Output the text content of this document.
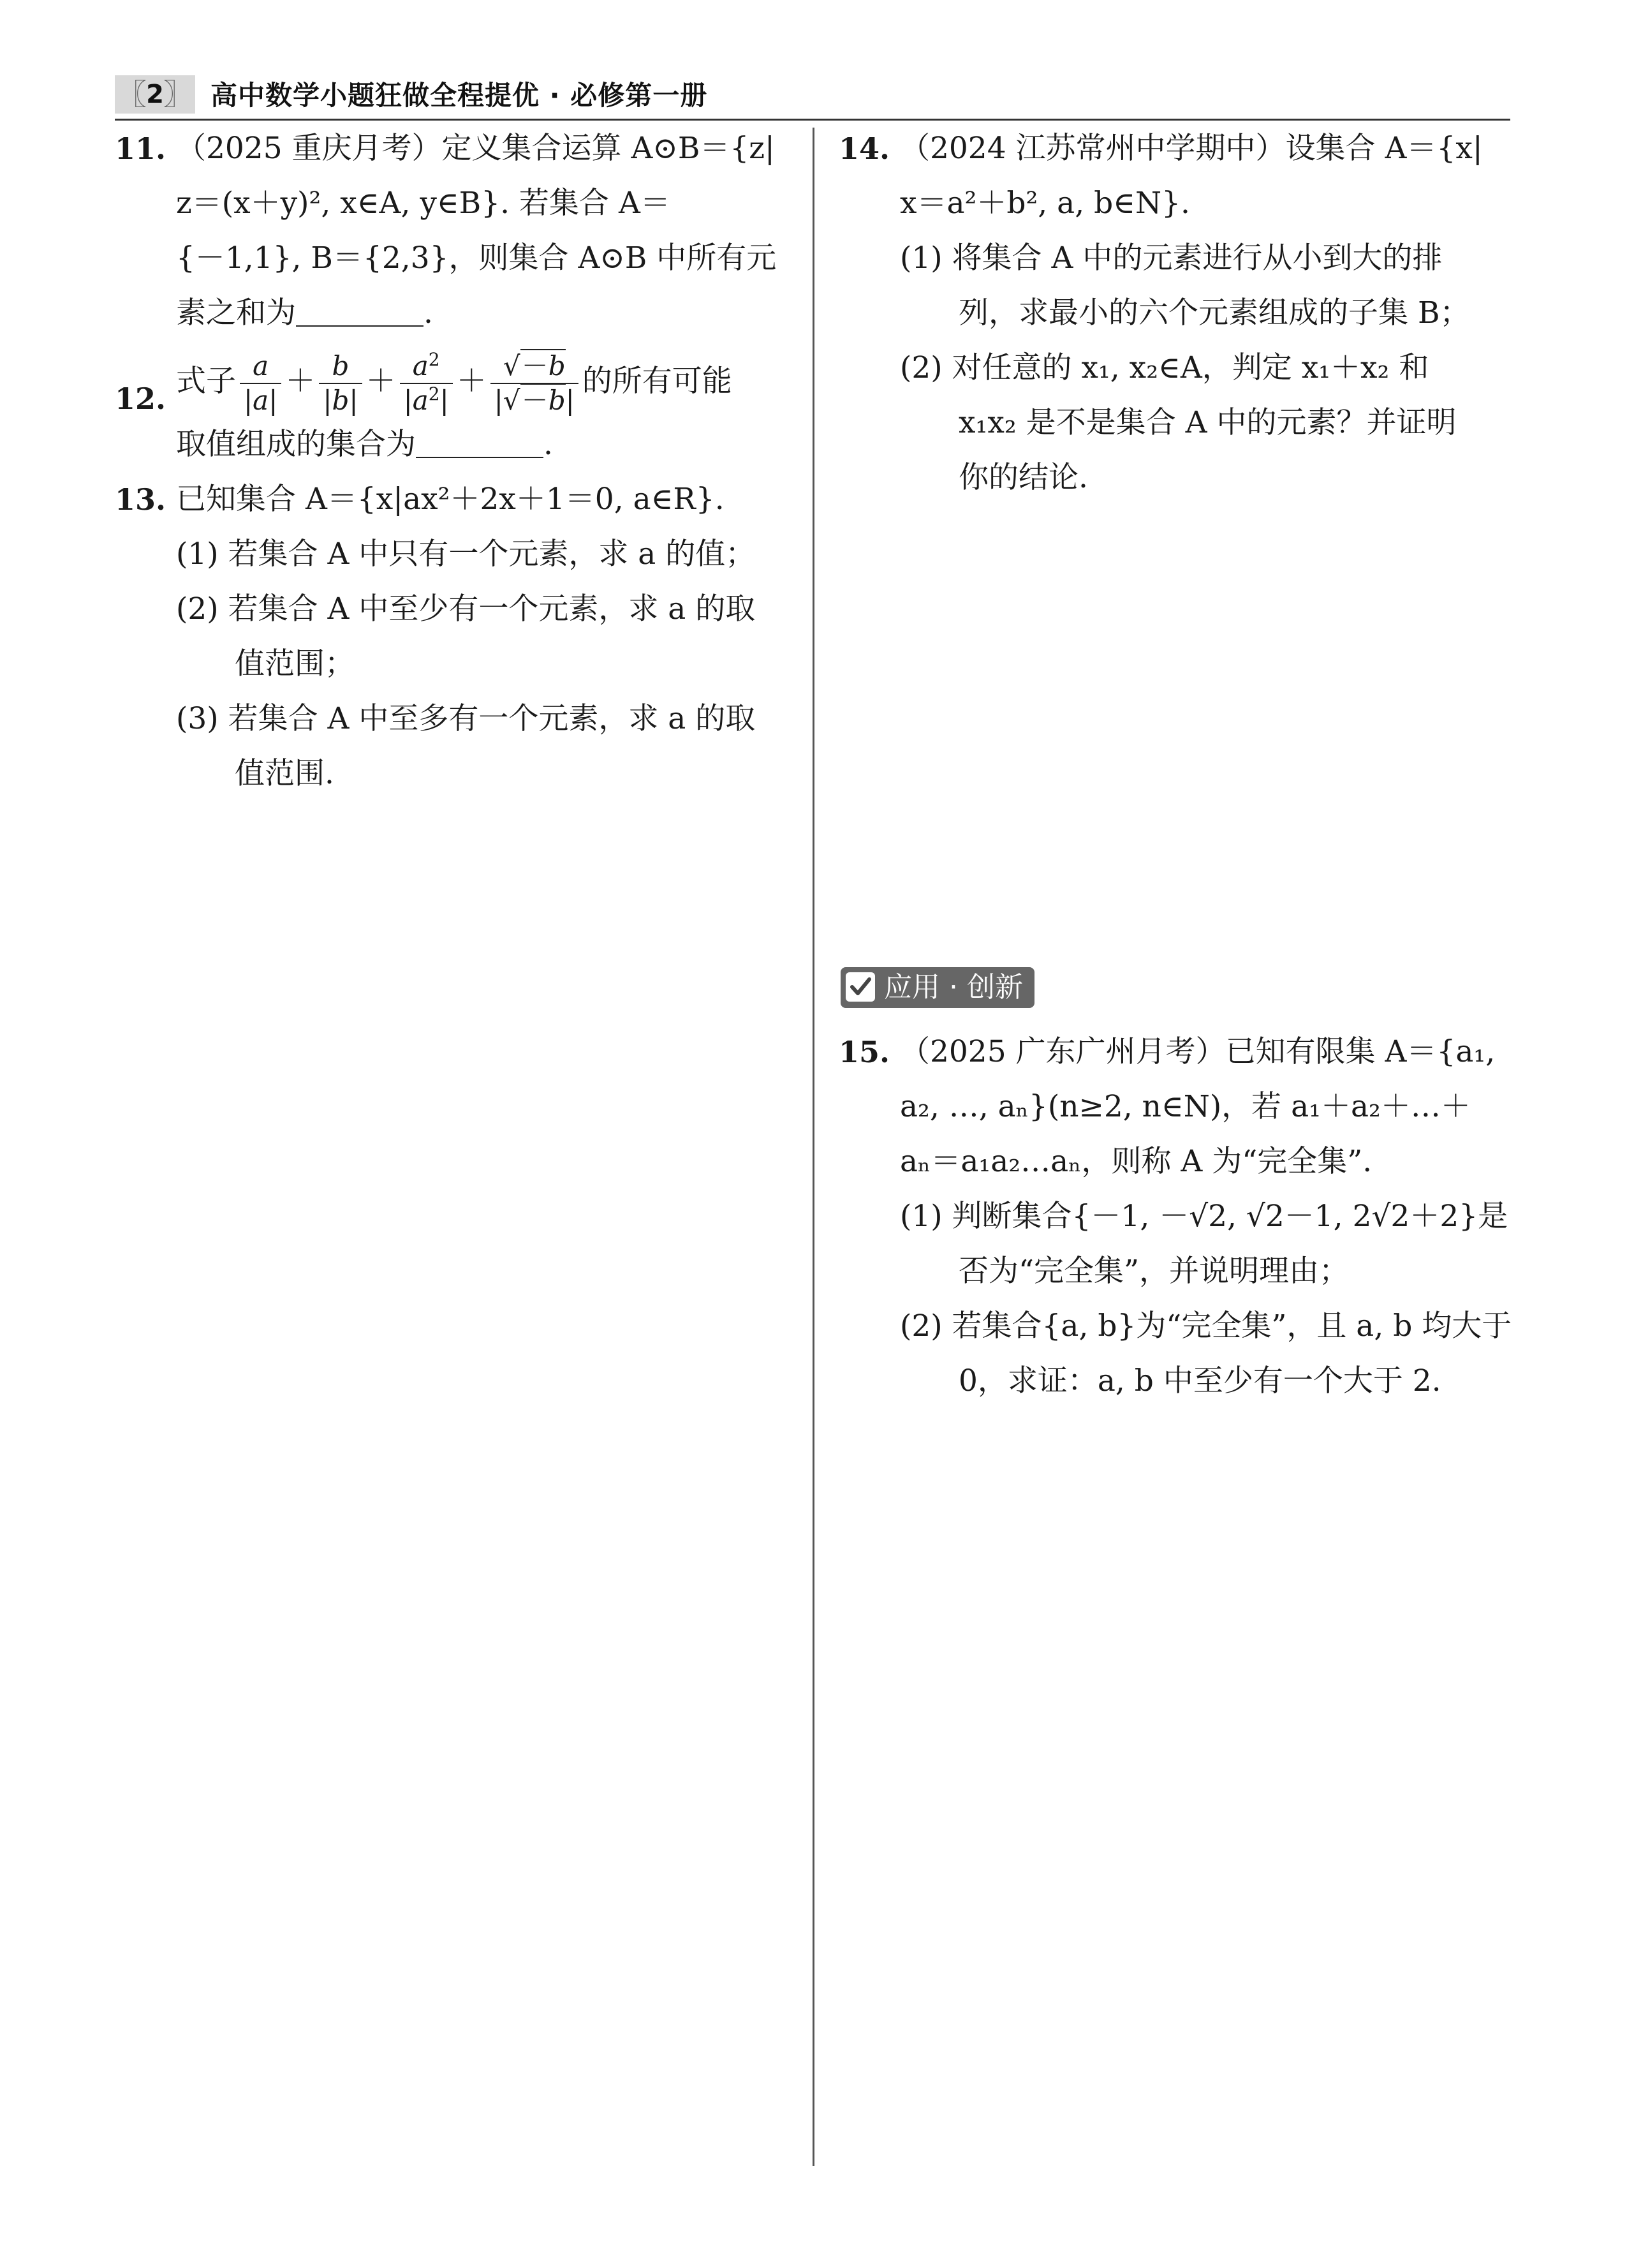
〖 2 〗 高中数学小题狂做全程提优 · 必修第一册
11. （2025 重庆月考）定义集合运算 A⊙B＝{z|
z＝(x＋y)², x∈A, y∈B}. 若集合 A＝
{－1,1}, B＝{2,3}，则集合 A⊙B 中所有元
素之和为	.
12. 式子 $\frac{a}{|a|} + \frac{b}{|b|} + \frac{a^2}{|a^2|} + \frac{√-b}{|√-b|}$ 的所有可能
取值组成的集合为	.
13. 已知集合 A＝{x|ax²＋2x＋1＝0, a∈R}.
(1) 若集合 A 中只有一个元素，求 a 的值；
(2) 若集合 A 中至少有一个元素，求 a 的取
值范围；
(3) 若集合 A 中至多有一个元素，求 a 的取
值范围.
14. （2024 江苏常州中学期中）设集合 A＝{x|
x＝a²＋b², a, b∈N}.
(1) 将集合 A 中的元素进行从小到大的排
列，求最小的六个元素组成的子集 B；
(2) 对任意的 x₁, x₂∈A，判定 x₁＋x₂ 和
x₁x₂ 是不是集合 A 中的元素？并证明
你的结论.
应用 · 创新
15. （2025 广东广州月考）已知有限集 A＝{a₁,
a₂, …, aₙ}(n≥2, n∈N)，若 a₁＋a₂＋…＋
aₙ＝a₁a₂…aₙ，则称 A 为“完全集”.
(1) 判断集合{－1, －√2, √2－1, 2√2＋2}是
否为“完全集”，并说明理由；
(2) 若集合{a, b}为“完全集”，且 a, b 均大于
0，求证：a, b 中至少有一个大于 2.
